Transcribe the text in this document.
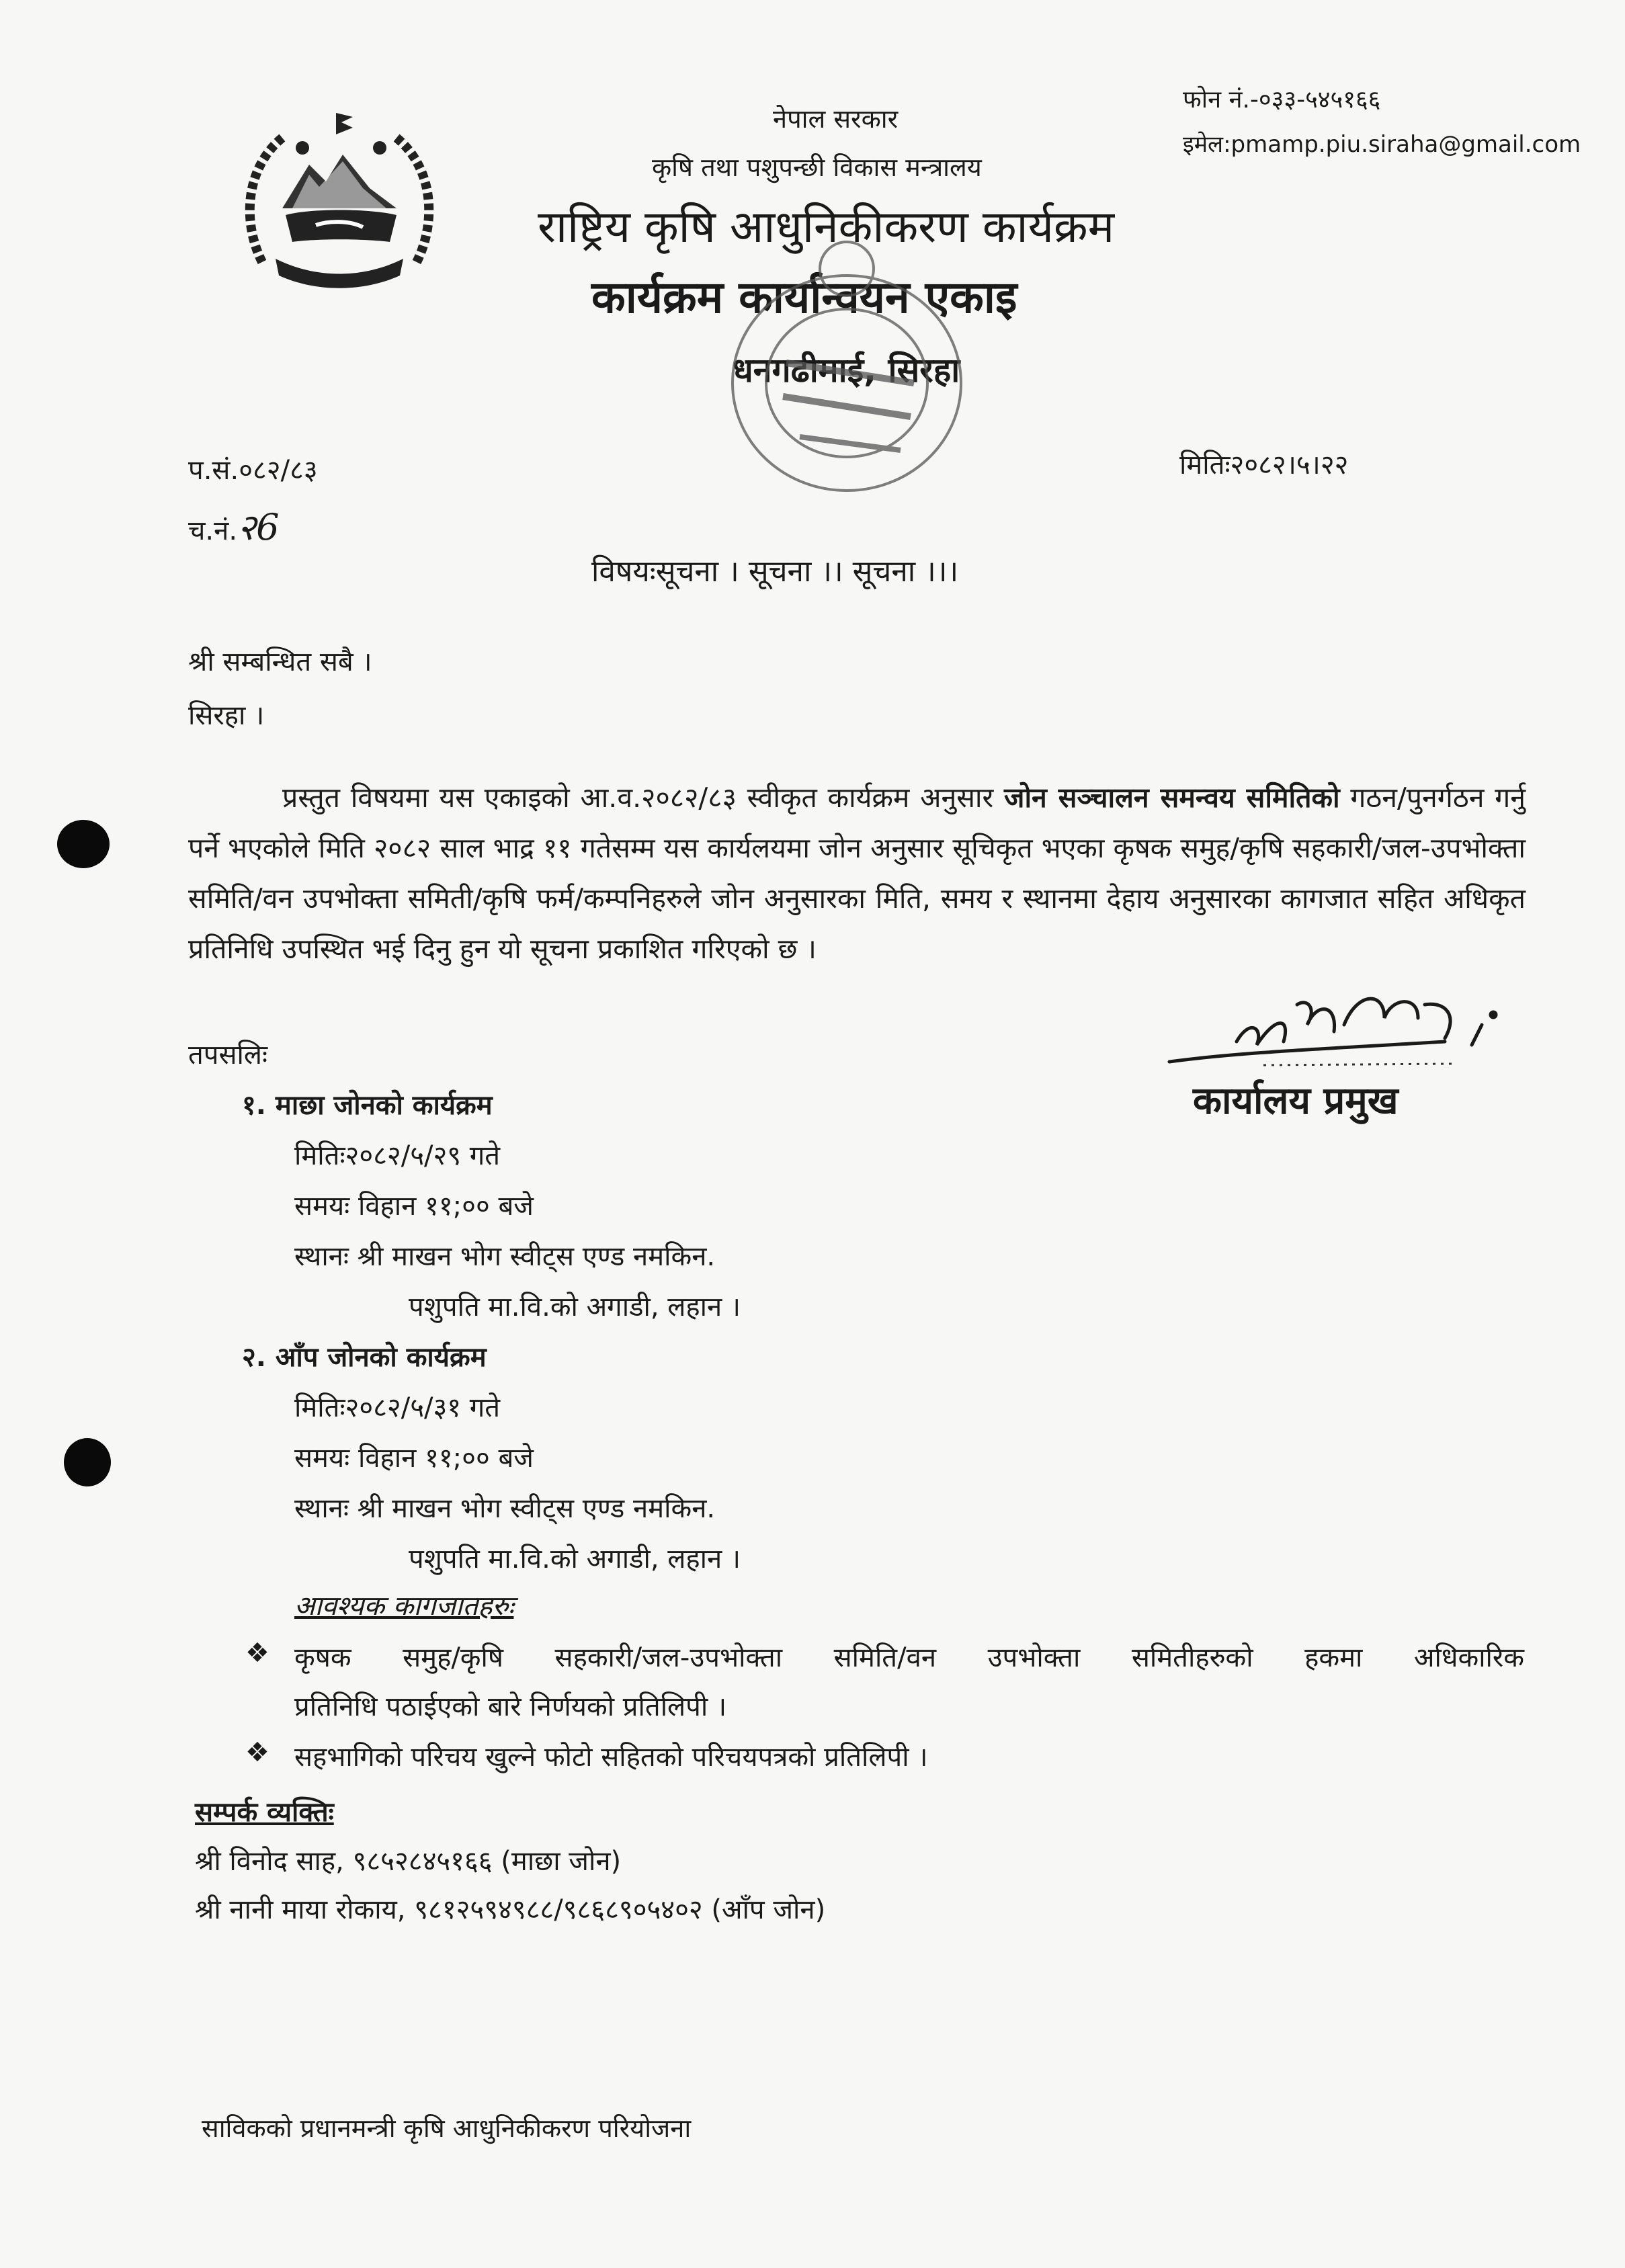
नेपाल सरकार
कृषि तथा पशुपन्छी विकास मन्त्रालय
राष्ट्रिय कृषि आधुनिकीकरण कार्यक्रम
कार्यक्रम कार्यान्वयन एकाइ
धनगढीमाई, सिरहा
फोन नं.-०३३-५४५१६६
इमेल:pmamp.piu.siraha@gmail.com
प.सं.०८२/८३
च.नं.२6
मितिः२०८२।५।२२
विषयःसूचना । सूचना ।। सूचना ।।।
श्री सम्बन्धित सबै ।
सिरहा ।

प्रस्तुत विषयमा यस एकाइको आ.व.२०८२/८३ स्वीकृत कार्यक्रम अनुसार जोन सञ्चालन समन्वय समितिको गठन/पुनर्गठन गर्नु पर्ने भएकोले मिति २०८२ साल भाद्र ११ गतेसम्म यस कार्यलयमा जोन अनुसार सूचिकृत भएका कृषक समुह/कृषि सहकारी/जल-उपभोक्ता समिति/वन उपभोक्ता समिती/कृषि फर्म/कम्पनिहरुले जोन अनुसारका मिति, समय र स्थानमा देहाय अनुसारका कागजात सहित अधिकृत प्रतिनिधि उपस्थित भई दिनु हुन यो सूचना प्रकाशित गरिएको छ ।

तपसलिः
कार्यालय प्रमुख
१. माछा जोनको कार्यक्रम
मितिः२०८२/५/२९ गते
समयः विहान ११;०० बजे
स्थानः श्री माखन भोग स्वीट्स एण्ड नमकिन.
पशुपति मा.वि.को अगाडी, लहान ।
२. आँप जोनको कार्यक्रम
मितिः२०८२/५/३१ गते
समयः विहान ११;०० बजे
स्थानः श्री माखन भोग स्वीट्स एण्ड नमकिन.
पशुपति मा.वि.को अगाडी, लहान ।
आवश्यक कागजातहरुः
❖ कृषक समुह/कृषि सहकारी/जल-उपभोक्ता समिति/वन उपभोक्ता समितीहरुको हकमा अधिकारिक
प्रतिनिधि पठाईएको बारे निर्णयको प्रतिलिपी ।
❖ सहभागिको परिचय खुल्ने फोटो सहितको परिचयपत्रको प्रतिलिपी ।
सम्पर्क व्यक्तिः
श्री विनोद साह, ९८५२८४५१६६ (माछा जोन)
श्री नानी माया रोकाय, ९८१२५९४९८८/९८६८९०५४०२ (आँप जोन)
साविकको प्रधानमन्त्री कृषि आधुनिकीकरण परियोजना
